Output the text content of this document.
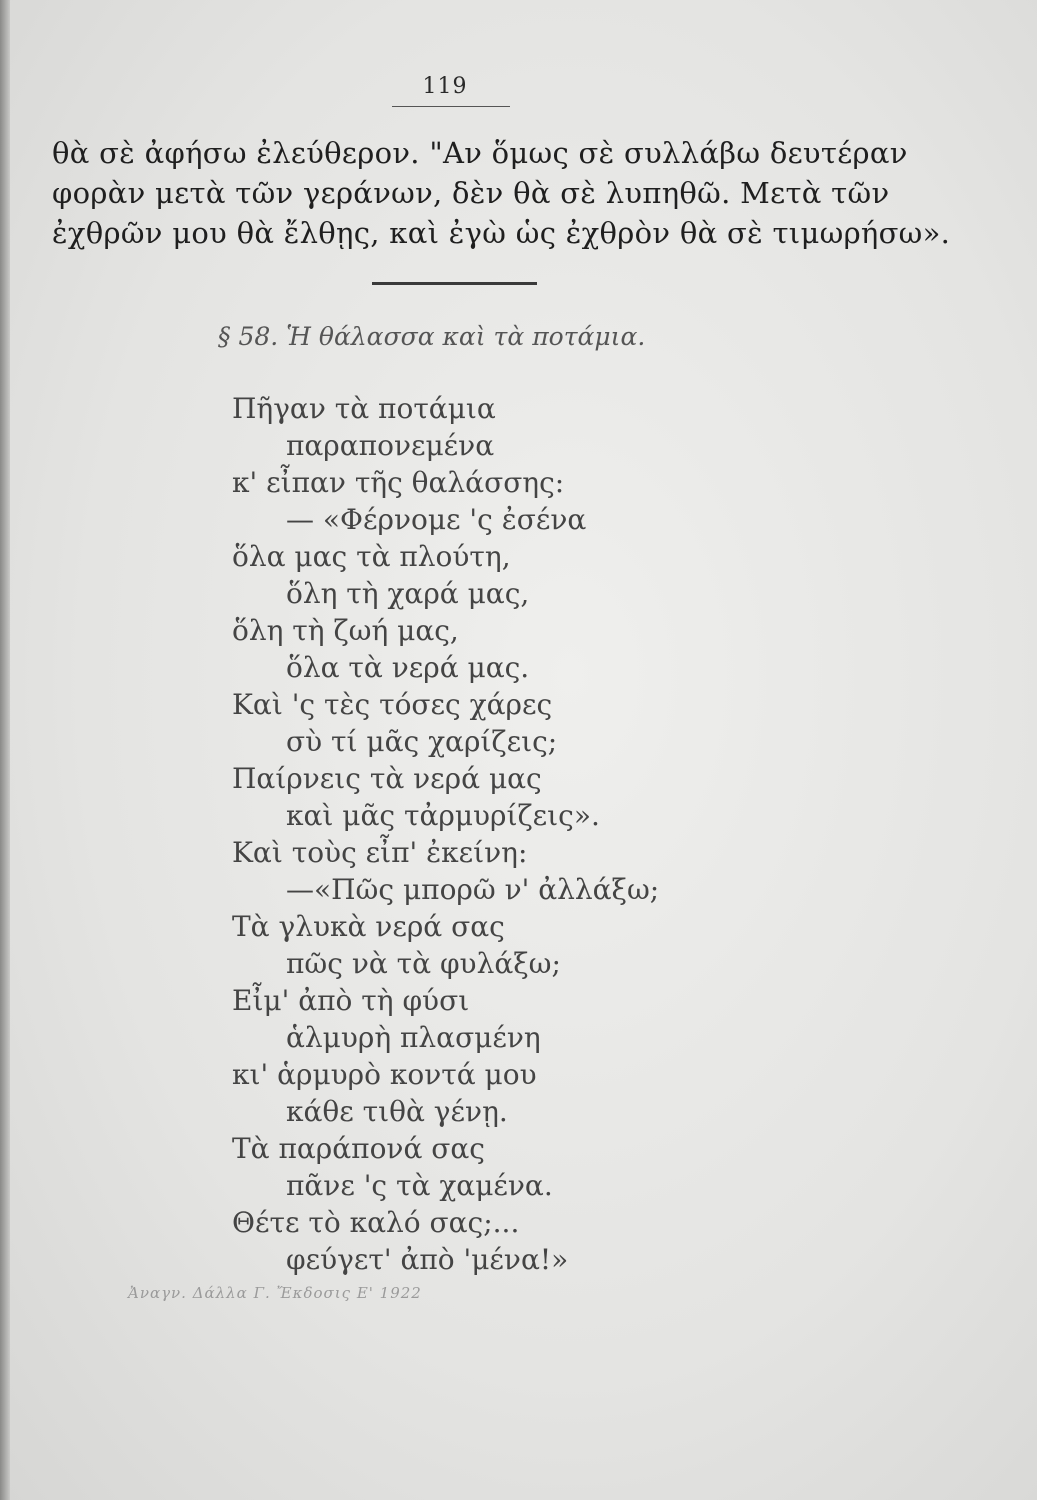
119
θὰ σὲ ἀφήσω ἐλεύθερον. "Αν ὅμως σὲ συλλάβω δευτέραν
φορὰν μετὰ τῶν γεράνων, δὲν θὰ σὲ λυπηθῶ. Μετὰ τῶν
ἐχθρῶν μου θὰ ἔλθῃς, καὶ ἐγὼ ὡς ἐχθρὸν θὰ σὲ τιμωρήσω».
§ 58. Ἡ θάλασσα καὶ τὰ ποτάμια.
Πῆγαν τὰ ποτάμια
παραπονεμένα
κ' εἶπαν τῆς θαλάσσης:
— «Φέρνομε 'ς ἐσένα
ὅλα μας τὰ πλούτη,
ὅλη τὴ χαρά μας,
ὅλη τὴ ζωή μας,
ὅλα τὰ νερά μας.
Καὶ 'ς τὲς τόσες χάρες
σὺ τί μᾶς χαρίζεις;
Παίρνεις τὰ νερά μας
καὶ μᾶς τἀρμυρίζεις».
Καὶ τοὺς εἶπ' ἐκείνη:
—«Πῶς μπορῶ ν' ἀλλάξω;
Τὰ γλυκὰ νερά σας
πῶς νὰ τὰ φυλάξω;
Εἶμ' ἀπὸ τὴ φύσι
ἁλμυρὴ πλασμένη
κι' ἁρμυρὸ κοντά μου
κάθε τιθὰ γένῃ.
Τὰ παράπονά σας
πᾶνε 'ς τὰ χαμένα.
Θέτε τὸ καλό σας;...
φεύγετ' ἀπὸ 'μένα!»
Ἀναγν. Δάλλα Γ. Ἔκδοσις Ε' 1922
